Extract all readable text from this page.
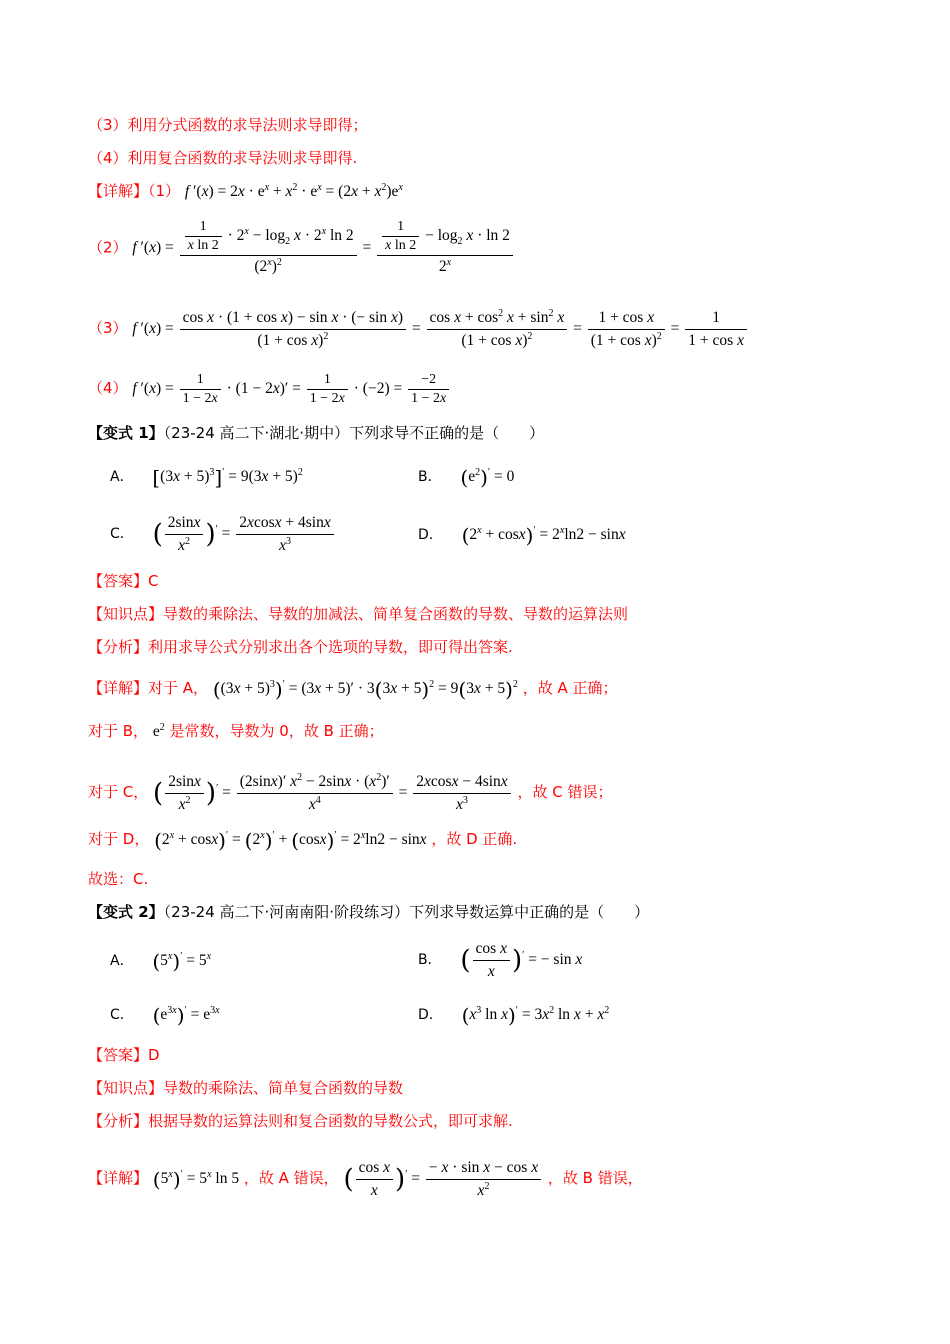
（3）利用分式函数的求导法则求导即得；
（4）利用复合函数的求导法则求导即得.
【详解】（1） f $'(x) = 2x \cdot e^x + x^2 \cdot e^x = (2x + x^2)e^x$
（2） f $'(x) = \frac{\frac{1}{\text{x ln 2}} \cdot 2^x - \log_2 x \cdot 2^x \ln 2}{(2^x)^2} = \frac{\frac{1}{\text{x ln 2}} - \log_2 x \cdot \ln 2}{2^x}$
（3） f $'(x) = \frac{\text{cos x · (1 + cos x) − sin x · (− sin x)}}{(1 + \cos x)^2} = \frac{\cos x + \cos^2 x + \sin^2 x}{(1 + \cos x)^2} = \frac{\text{1 + cos x}}{(1 + \cos x)^2} = \frac{1}{\text{1 + cos x}}$
（4） f $'(x) = \frac{1}{1 - 2x} \cdot (1 - 2x)' = \frac{1}{1 - 2x} \cdot (-2) = \frac{-2}{1 - 2x}$
【变式 1】（23-24 高二下·湖北·期中）下列求导不正确的是（　　）
A． $[(3x + 5)^3]' = 9(3x + 5)^2$	B． $(e^2)' = 0$
C． ( $\frac{2\sin x}{x^2} )' = \frac{2xcosx + 4\sin x}{x^3}$	D． $(2^x + \cos x)' = 2^x\ln 2 - \sin x$
【答案】C
【知识点】导数的乘除法、导数的加减法、简单复合函数的导数、导数的运算法则
【分析】利用求导公式分别求出各个选项的导数，即可得出答案.
【详解】对于 A， $((3x + 5)^3)' = (3x + 5)' \cdot 3(3x + 5)^2 = 9(3x + 5)^2$ ，故 A 正确；
对于 B， $e^2$ 是常数，导数为 0，故 B 正确；
对于 C， ( $\frac{2\sin x}{x^2} )' = \frac{(2\sin x)' x^2 - 2\sin x \cdot (x^2)'}{x^4} = \frac{2xcosx - 4\sin x}{x^3}$ ，故 C 错误；
对于 D， $(2^x + \cos x)' = (2^x)' + (\cos x)' = 2^x\ln 2 - \sin x$ ，故 D 正确.
故选：C.
【变式 2】（23-24 高二下·河南南阳·阶段练习）下列求导数运算中正确的是（　　）
A． $(5^x)' = 5^x$	B． ( $\frac{\text{cos x}}{x} )'$ = − sin x
C． $(e^{3x})' = e^{3x}$	D． ($x^3$ $\ln x)' = 3x^2$ $\ln x + x^2$
【答案】D
【知识点】导数的乘除法、简单复合函数的导数
【分析】根据导数的运算法则和复合函数的导数公式，即可求解.
【详解】 $(5^x)' = 5^x$ ln 5 ，故 A 错误， ( $\frac{\text{cos x}}{x} )' = \frac{\text{− x · sin x − cos x}}{x^2}$ ，故 B 错误，
